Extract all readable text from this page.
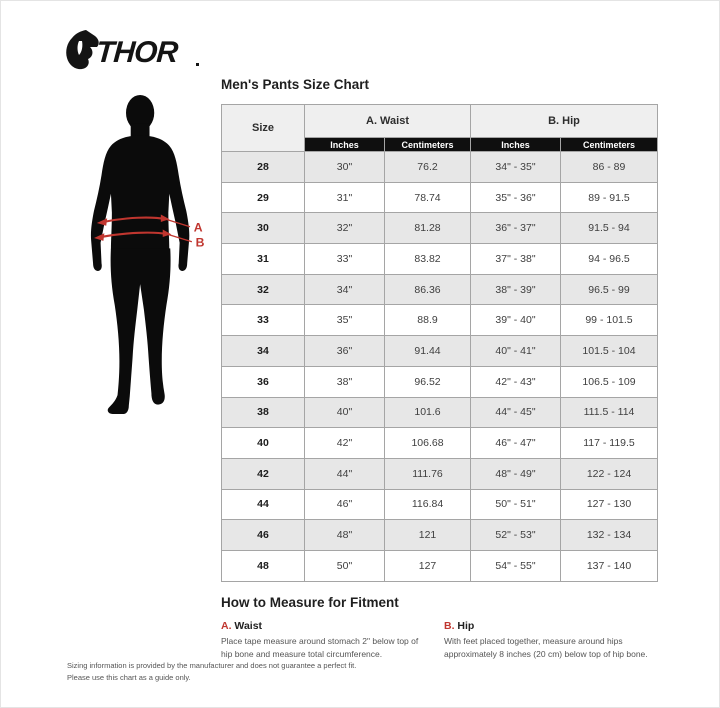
THOR
A
B
Men's Pants Size Chart
Size	A. Waist		B. Hip	
	Inches	Centimeters	Inches	Centimeters
28	30"	76.2	34" - 35"	86 - 89
29	31"	78.74	35" - 36"	89 - 91.5
30	32"	81.28	36" - 37"	91.5 - 94
31	33"	83.82	37" - 38"	94 - 96.5
32	34"	86.36	38" - 39"	96.5 - 99
33	35"	88.9	39" - 40"	99 - 101.5
34	36"	91.44	40" - 41"	101.5 - 104
36	38"	96.52	42" - 43"	106.5 - 109
38	40"	101.6	44" - 45"	111.5 - 114
40	42"	106.68	46" - 47"	117 - 119.5
42	44"	111.76	48" - 49"	122 - 124
44	46"	116.84	50" - 51"	127 - 130
46	48"	121	52" - 53"	132 - 134
48	50"	127	54" - 55"	137 - 140
How to Measure for Fitment
A. Waist
Place tape measure around stomach 2" below top of hip bone and measure total circumference.
B. Hip
With feet placed together, measure around hips approximately 8 inches (20 cm) below top of hip bone.
Sizing information is provided by the manufacturer and does not guarantee a perfect fit.
Please use this chart as a guide only.
